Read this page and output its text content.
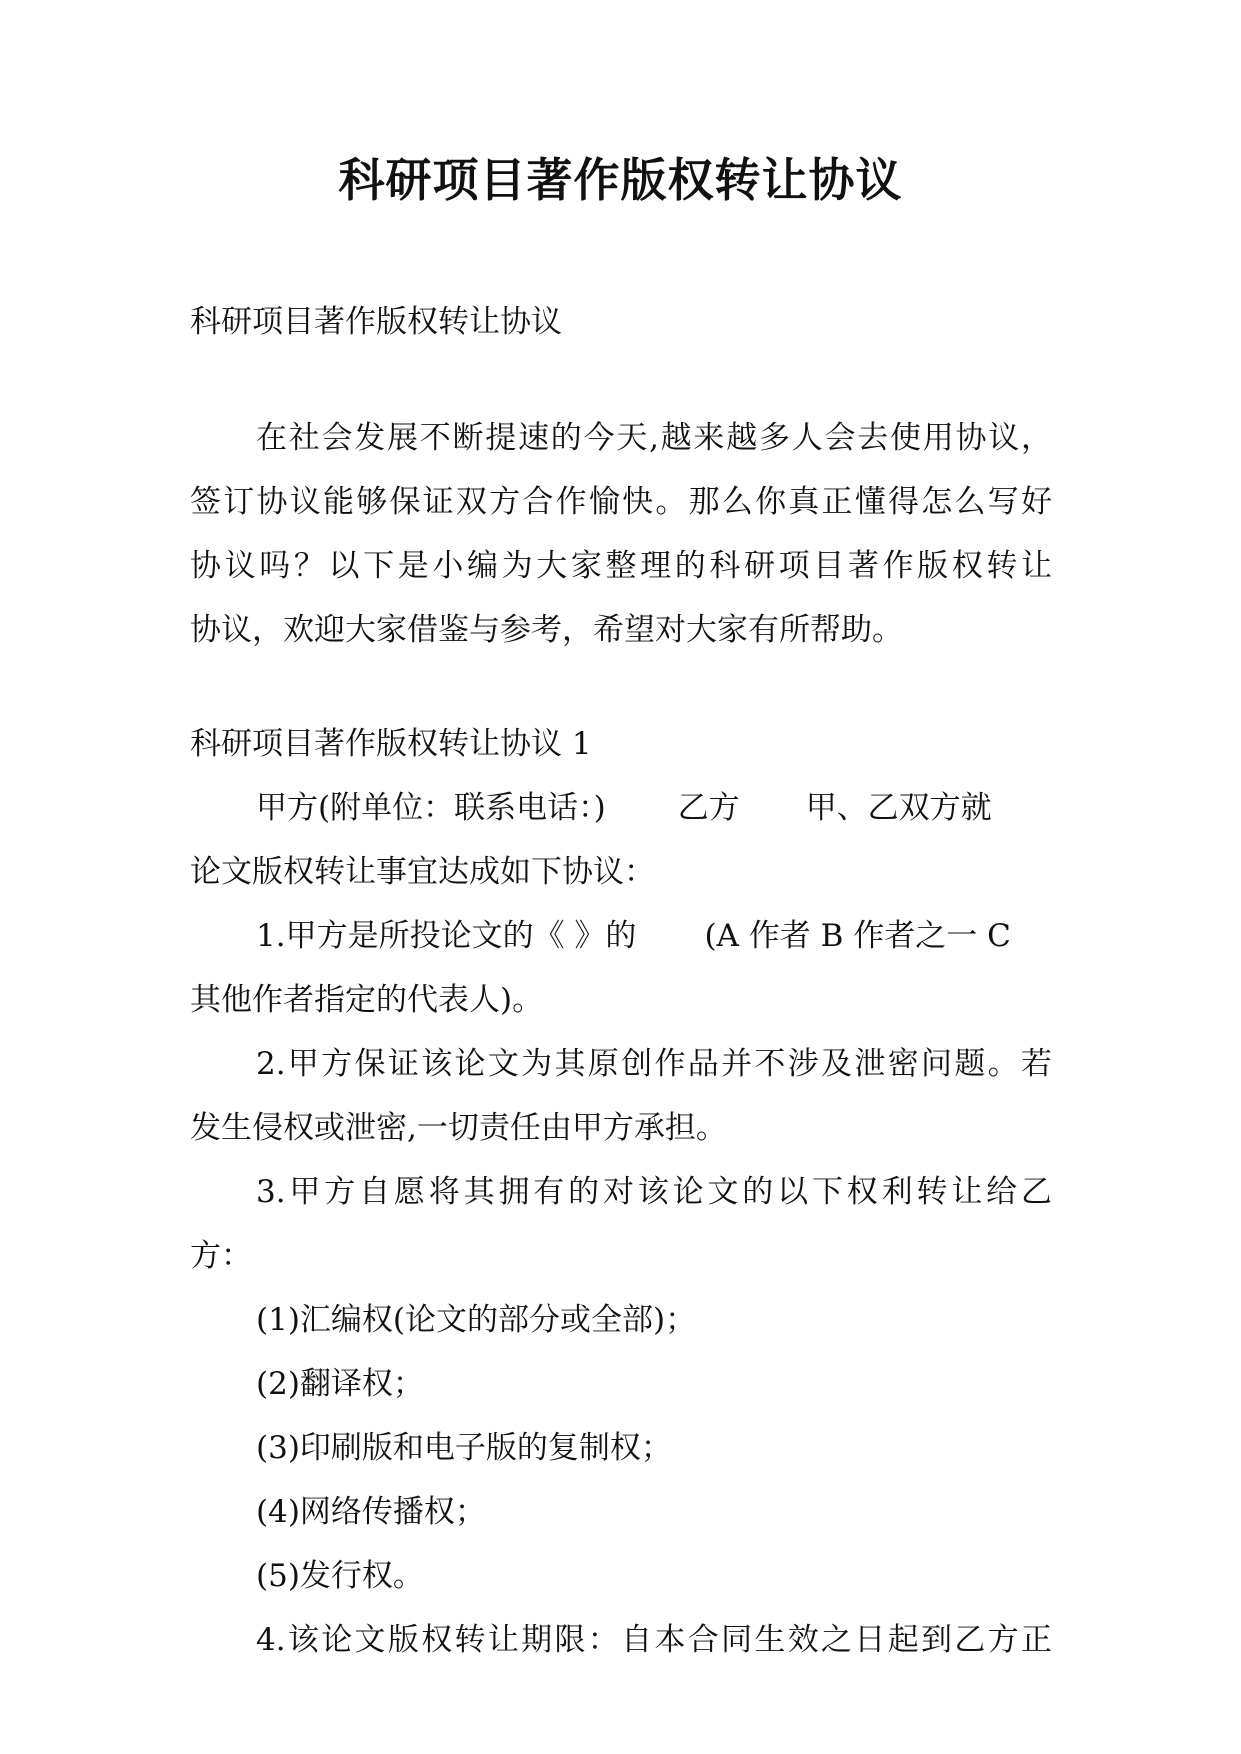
科研项目著作版权转让协议
科研项目著作版权转让协议
在社会发展不断提速的今天,越来越多人会去使用协议，
签订协议能够保证双方合作愉快。那么你真正懂得怎么写好
协议吗？以下是小编为大家整理的科研项目著作版权转让
协议，欢迎大家借鉴与参考，希望对大家有所帮助。
科研项目著作版权转让协议 1
甲方(附单位：联系电话：) 乙方 甲、乙双方就
论文版权转让事宜达成如下协议：
1.甲方是所投论文的《 》的 (A 作者 B 作者之一 C
其他作者指定的代表人)。
2.甲方保证该论文为其原创作品并不涉及泄密问题。若
发生侵权或泄密,一切责任由甲方承担。
3.甲方自愿将其拥有的对该论文的以下权利转让给乙
方：
(1)汇编权(论文的部分或全部)；
(2)翻译权；
(3)印刷版和电子版的复制权；
(4)网络传播权；
(5)发行权。
4.该论文版权转让期限：自本合同生效之日起到乙方正
